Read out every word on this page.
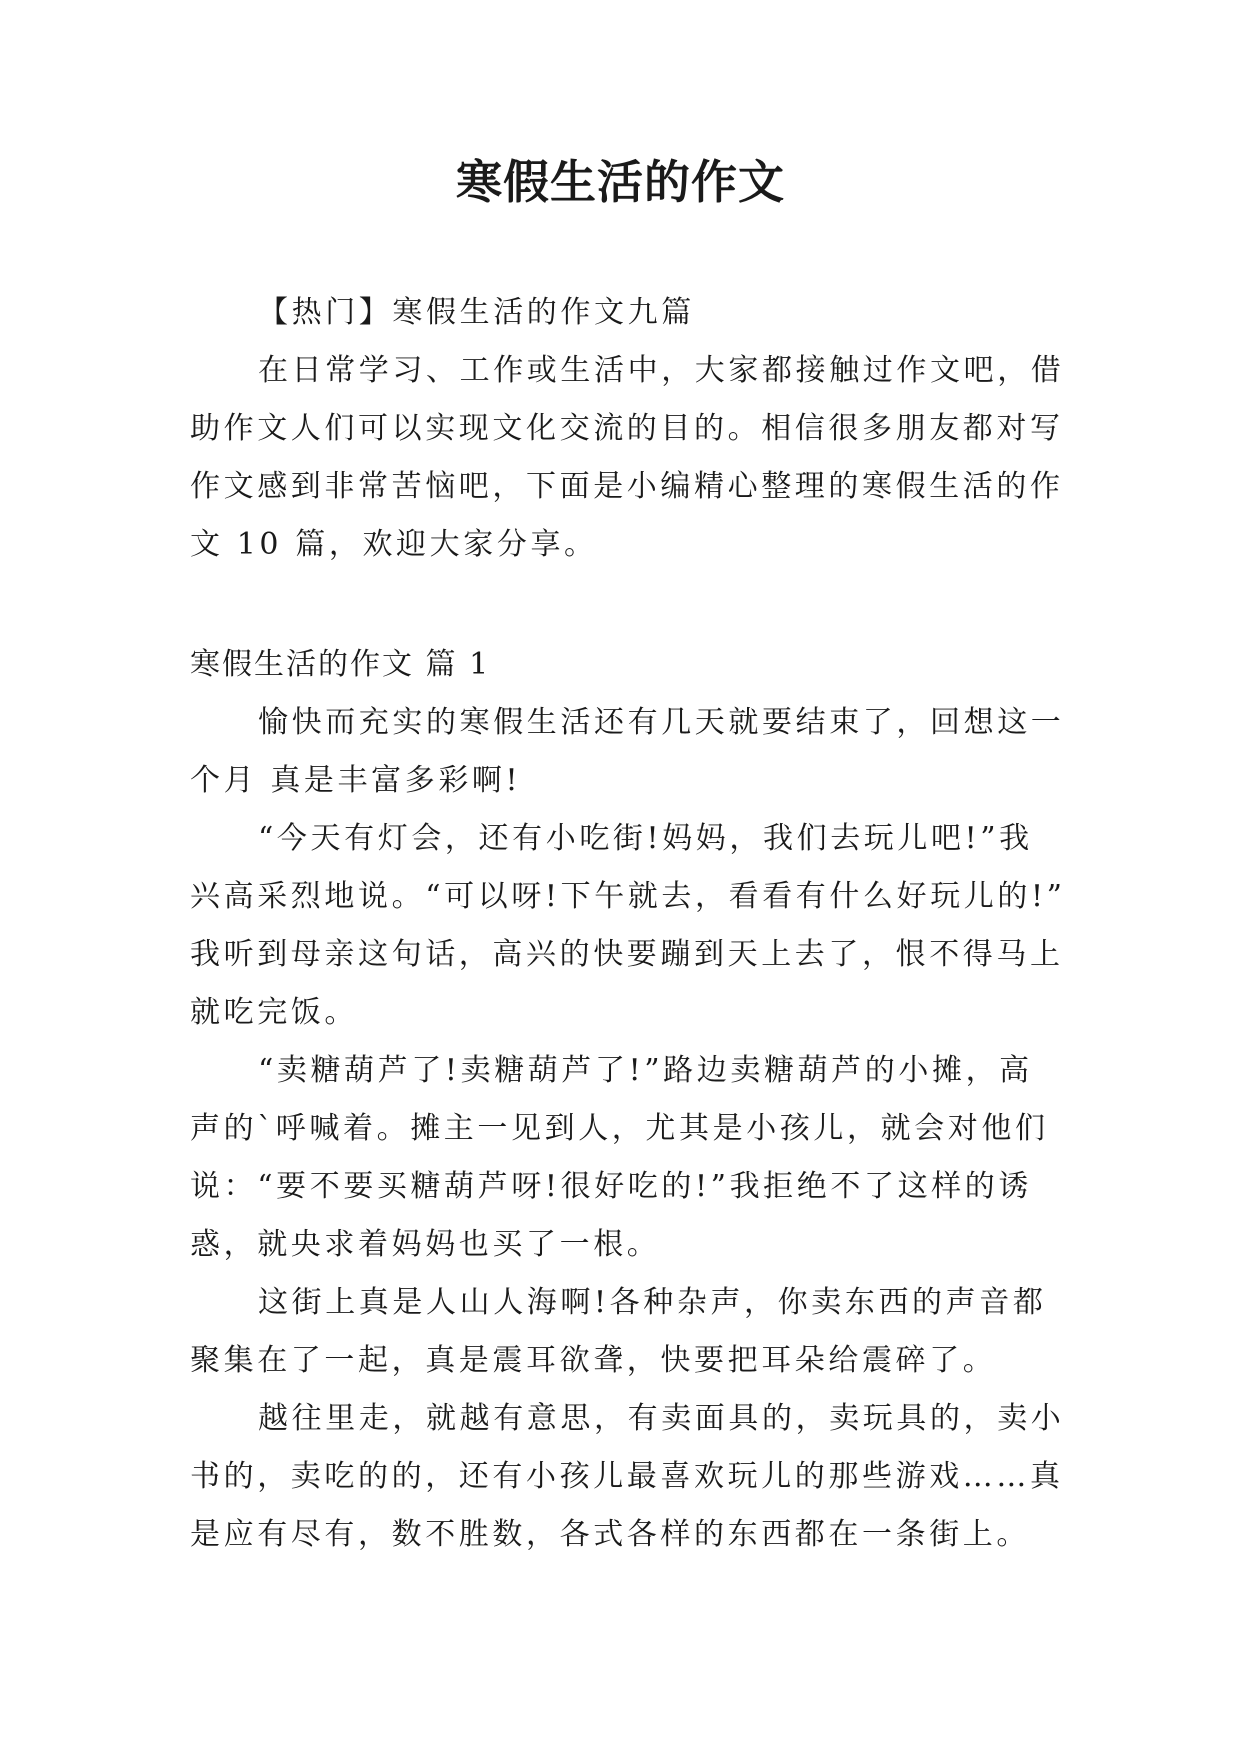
寒假生活的作文
【热门】寒假生活的作文九篇
在日常学习、工作或生活中，大家都接触过作文吧，借
助作文人们可以实现文化交流的目的。相信很多朋友都对写
作文感到非常苦恼吧，下面是小编精心整理的寒假生活的作
文 10 篇，欢迎大家分享。
寒假生活的作文 篇 1
愉快而充实的寒假生活还有几天就要结束了，回想这一
个月 真是丰富多彩啊!
“今天有灯会，还有小吃街!妈妈，我们去玩儿吧!”我
兴高采烈地说。“可以呀!下午就去，看看有什么好玩儿的!”
我听到母亲这句话，高兴的快要蹦到天上去了，恨不得马上
就吃完饭。
“卖糖葫芦了!卖糖葫芦了!”路边卖糖葫芦的小摊，高
声的`呼喊着。摊主一见到人，尤其是小孩儿，就会对他们
说：“要不要买糖葫芦呀!很好吃的!”我拒绝不了这样的诱
惑，就央求着妈妈也买了一根。
这街上真是人山人海啊!各种杂声，你卖东西的声音都
聚集在了一起，真是震耳欲聋，快要把耳朵给震碎了。
越往里走，就越有意思，有卖面具的，卖玩具的，卖小
书的，卖吃的的，还有小孩儿最喜欢玩儿的那些游戏……真
是应有尽有，数不胜数，各式各样的东西都在一条街上。
